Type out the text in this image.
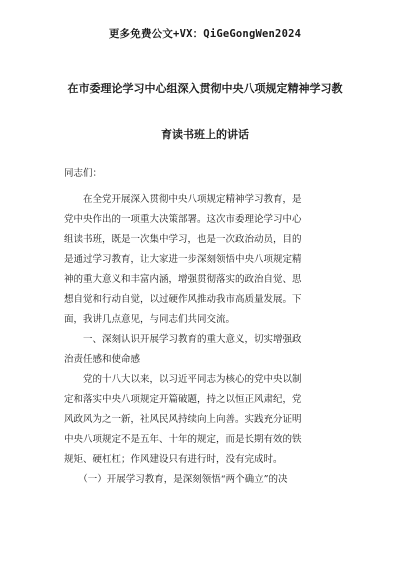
更多免费公文+VX：QiGeGongWen2024
在市委理论学习中心组深入贯彻中央八项规定精神学习教
育读书班上的讲话
同志们：
　　在全党开展深入贯彻中央八项规定精神学习教育，是
党中央作出的一项重大决策部署。这次市委理论学习中心
组读书班，既是一次集中学习，也是一次政治动员，目的
是通过学习教育，让大家进一步深刻领悟中央八项规定精
神的重大意义和丰富内涵，增强贯彻落实的政治自觉、思
想自觉和行动自觉，以过硬作风推动我市高质量发展。下
面，我讲几点意见，与同志们共同交流。
　　一、深刻认识开展学习教育的重大意义，切实增强政
治责任感和使命感
　　党的十八大以来，以习近平同志为核心的党中央以制
定和落实中央八项规定开篇破题，持之以恒正风肃纪，党
风政风为之一新，社风民风持续向上向善。实践充分证明
中央八项规定不是五年、十年的规定，而是长期有效的铁
规矩、硬杠杠；作风建设只有进行时，没有完成时。
　　（一）开展学习教育，是深刻领悟“两个确立”的决
